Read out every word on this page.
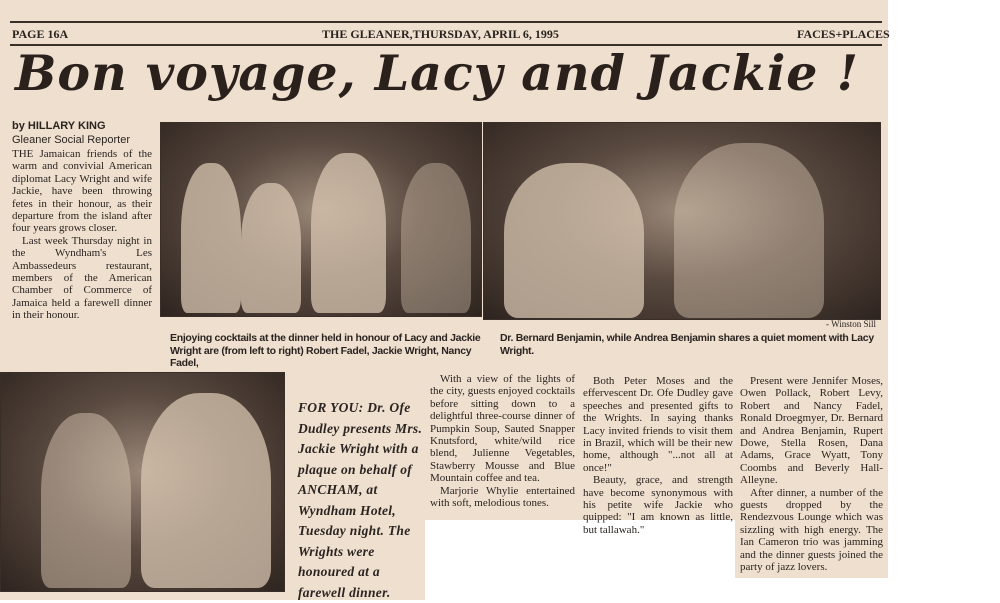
PAGE 16A	THE GLEANER,THURSDAY, APRIL 6, 1995	FACES+PLACES
Bon voyage, Lacy and Jackie !
by HILLARY KING
Gleaner Social Reporter

THE Jamaican friends of the warm and convivial American diplomat Lacy Wright and wife Jackie, have been throwing fetes in their honour, as their departure from the island after four years grows closer.

Last week Thursday night in the Wyndham's Les Ambassedeurs restaurant, members of the American Chamber of Commerce of Jamaica held a farewell dinner in their honour.

- Winston Sill
Enjoying cocktails at the dinner held in honour of Lacy and Jackie Wright are (from left to right) Robert Fadel, Jackie Wright, Nancy Fadel,
Dr. Bernard Benjamin, while Andrea Benjamin shares a quiet moment with Lacy Wright.
FOR YOU: Dr. Ofe Dudley presents Mrs. Jackie Wright with a plaque on behalf of ANCHAM, at Wyndham Hotel, Tuesday night. The Wrights were honoured at a farewell dinner.

With a view of the lights of the city, guests enjoyed cocktails before sitting down to a delightful three-course dinner of Pumpkin Soup, Sauted Snapper Knutsford, white/wild rice blend, Julienne Vegetables, Stawberry Mousse and Blue Mountain coffee and tea.

Marjorie Whylie entertained with soft, melodious tones.

Both Peter Moses and the effervescent Dr. Ofe Dudley gave speeches and presented gifts to the Wrights. In saying thanks Lacy invited friends to visit them in Brazil, which will be their new home, although "...not all at once!"

Beauty, grace, and strength have become synonymous with his petite wife Jackie who quipped: "I am known as little, but tallawah."

Present were Jennifer Moses, Owen Pollack, Robert Levy, Robert and Nancy Fadel, Ronald Droegmyer, Dr. Bernard and Andrea Benjamin, Rupert Dowe, Stella Rosen, Dana Adams, Grace Wyatt, Tony Coombs and Beverly Hall-Alleyne.

After dinner, a number of the guests dropped by the Rendezvous Lounge which was sizzling with high energy. The Ian Cameron trio was jamming and the dinner guests joined the party of jazz lovers.
